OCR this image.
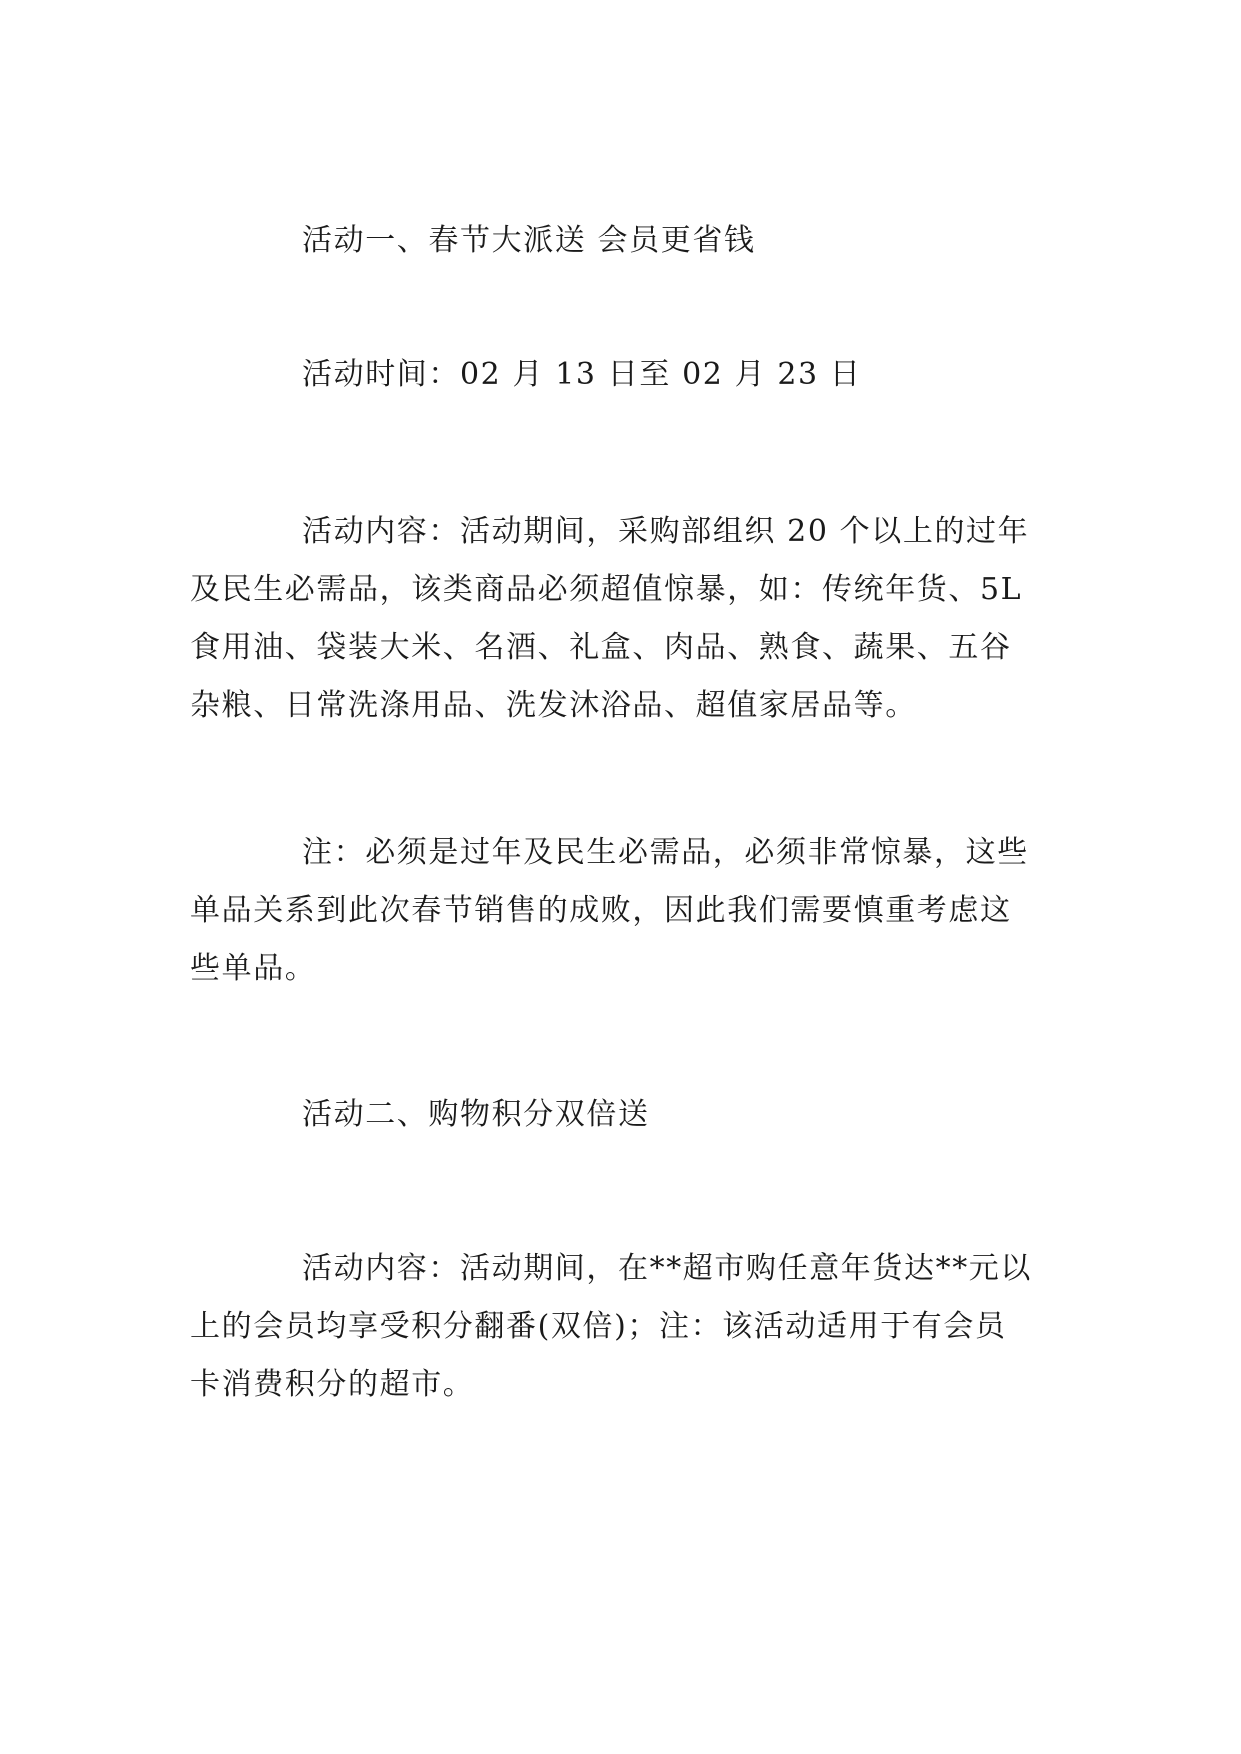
活动一、春节大派送 会员更省钱

活动时间：02 月 13 日至 02 月 23 日

活动内容：活动期间，采购部组织 20 个以上的过年
及民生必需品，该类商品必须超值惊暴，如：传统年货、5L
食用油、袋装大米、名酒、礼盒、肉品、熟食、蔬果、五谷
杂粮、日常洗涤用品、洗发沐浴品、超值家居品等。

注：必须是过年及民生必需品，必须非常惊暴，这些
单品关系到此次春节销售的成败，因此我们需要慎重考虑这
些单品。

活动二、购物积分双倍送

活动内容：活动期间，在**超市购任意年货达**元以
上的会员均享受积分翻番(双倍)；注：该活动适用于有会员
卡消费积分的超市。
